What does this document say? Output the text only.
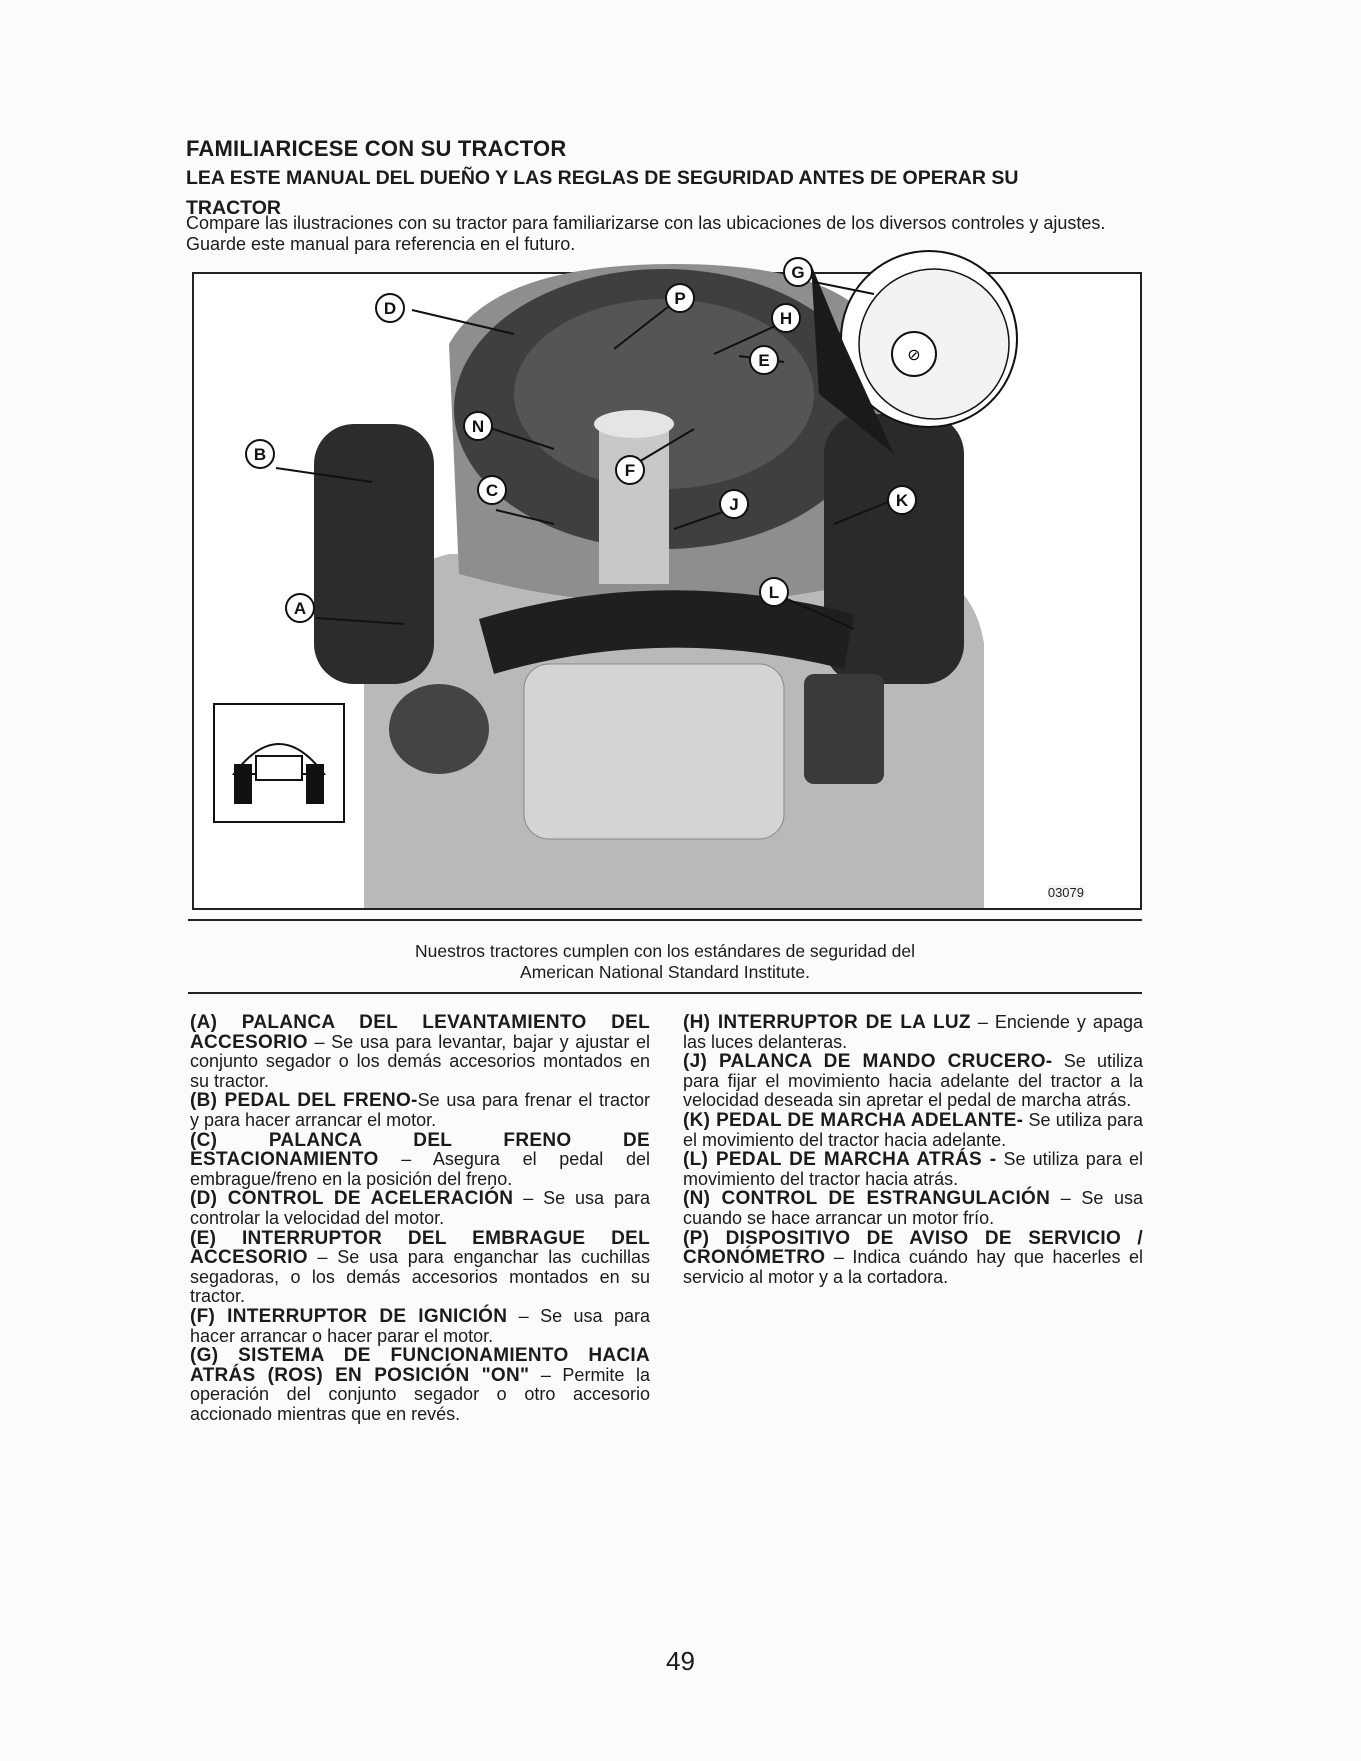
FAMILIARICESE CON SU TRACTOR
LEA ESTE MANUAL DEL DUEÑO Y LAS REGLAS DE SEGURIDAD ANTES DE OPERAR SU TRACTOR
Compare las ilustraciones con su tractor para familiarizarse con las ubicaciones de los diversos controles y ajustes. Guarde este manual para referencia en el futuro.
⊘
A
B
C
D
E
F
G
H
J	K
L
N
P
03079
Nuestros tractores cumplen con los estándares de seguridad del
American National Standard Institute.

(A) PALANCA DEL LEVANTAMIENTO DEL ACCESORIO – Se usa para levantar, bajar y ajustar el conjunto segador o los demás accesorios montados en su tractor.

(B) PEDAL DEL FRENO-Se usa para frenar el tractor y para hacer arrancar el motor.

(C) PALANCA DEL FRENO DE ESTACIONAMIENTO – Asegura el pedal del embrague/freno en la posición del freno.

(D) CONTROL DE ACELERACIÓN – Se usa para controlar la velocidad del motor.

(E) INTERRUPTOR DEL EMBRAGUE DEL ACCESORIO – Se usa para enganchar las cuchillas segadoras, o los demás accesorios montados en su tractor.

(F) INTERRUPTOR DE IGNICIÓN – Se usa para hacer arrancar o hacer parar el motor.

(G) SISTEMA DE FUNCIONAMIENTO HACIA ATRÁS (ROS) EN POSICIÓN "ON" – Permite la operación del conjunto segador o otro accesorio accionado mientras que en revés.

(H) INTERRUPTOR DE LA LUZ – Enciende y apaga las luces delanteras.

(J) PALANCA DE MANDO CRUCERO- Se utiliza para fijar el movimiento hacia adelante del tractor a la velocidad deseada sin apretar el pedal de marcha atrás.

(K) PEDAL DE MARCHA ADELANTE- Se utiliza para el movimiento del tractor hacia adelante.

(L) PEDAL DE MARCHA ATRÁS - Se utiliza para el movimiento del tractor hacia atrás.

(N) CONTROL DE ESTRANGULACIÓN – Se usa cuando se hace arrancar un motor frío.

(P) DISPOSITIVO DE AVISO DE SERVICIO / CRONÓMETRO – Indica cuándo hay que hacerles el servicio al motor y a la cortadora.

49
